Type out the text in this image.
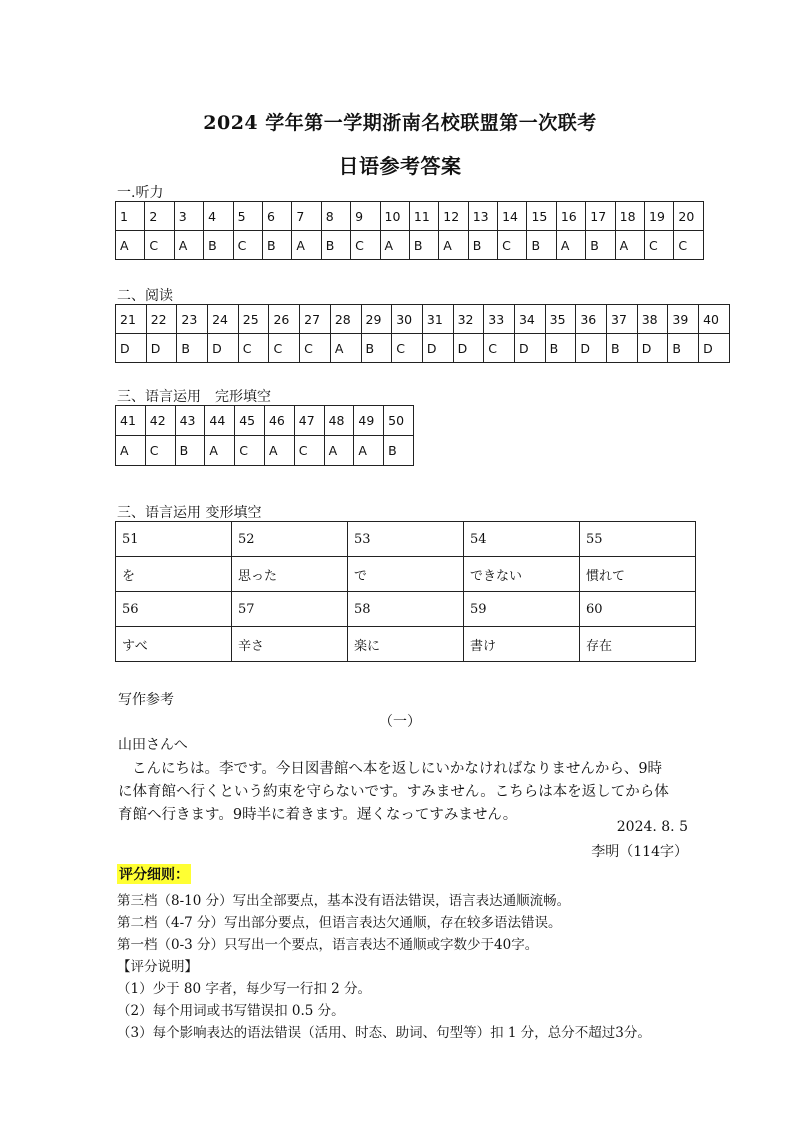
2024 学年第一学期浙南名校联盟第一次联考
日语参考答案
一.听力
1	2	3	4	5	6	7	8	9	10	11	12	13	14	15	16	17	18	19	20
A	C	A	B	C	B	A	B	C	A	B	A	B	C	B	A	B	A	C	C
二、阅读
21	22	23	24	25	26	27	28	29	30	31	32	33	34	35	36	37	38	39	40
D	D	B	D	C	C	C	A	B	C	D	D	C	D	B	D	B	D	B	D
三、语言运用　完形填空
41	42	43	44	45	46	47	48	49	50
A	C	B	A	C	A	C	A	A	B
三、语言运用 变形填空
51	52	53	54	55
を	思った	で	できない	慣れて
56	57	58	59	60
すべ	辛さ	楽に	書け	存在
写作参考
（一）
山田さんへ
こんにちは。李です。今日図書館へ本を返しにいかなければなりませんから、9時
に体育館へ行くという約束を守らないです。すみません。こちらは本を返してから体
育館へ行きます。9時半に着きます。遅くなってすみません。
2024. 8. 5
李明（114字）
评分细则：
第三档（8-10 分）写出全部要点，基本没有语法错误，语言表达通顺流畅。
第二档（4-7 分）写出部分要点，但语言表达欠通顺，存在较多语法错误。
第一档（0-3 分）只写出一个要点，语言表达不通顺或字数少于40字。
【评分说明】
（1）少于 80 字者，每少写一行扣 2 分。
（2）每个用词或书写错误扣 0.5 分。
（3）每个影响表达的语法错误（活用、时态、助词、句型等）扣 1 分，总分不超过3分。
